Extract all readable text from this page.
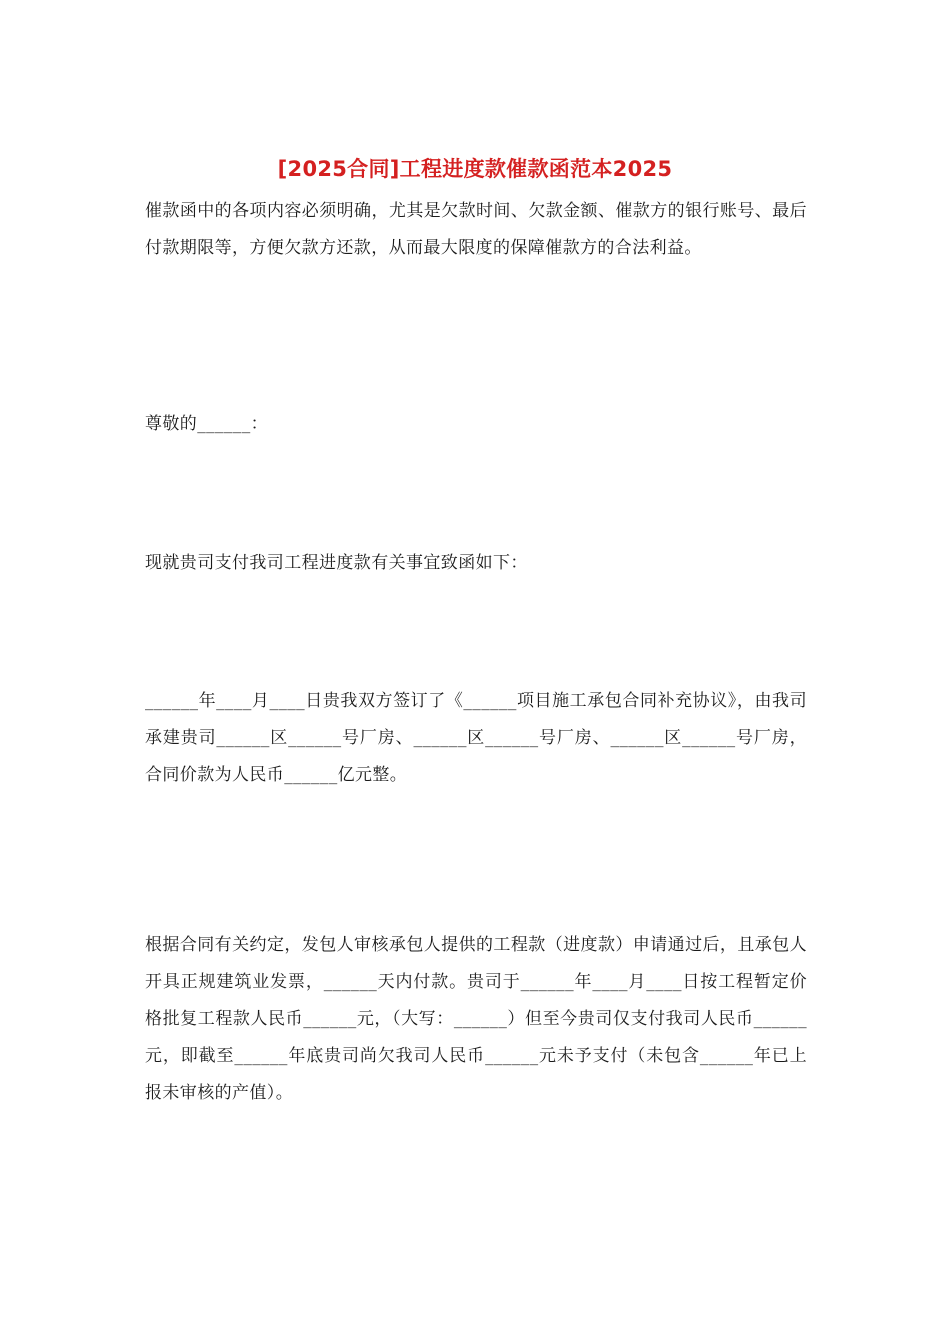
[2025合同]工程进度款催款函范本2025

催款函中的各项内容必须明确，尤其是欠款时间、欠款金额、催款方的银行账号、最后付款期限等，方便欠款方还款，从而最大限度的保障催款方的合法利益。

尊敬的______：

现就贵司支付我司工程进度款有关事宜致函如下：

______年____月____日贵我双方签订了《______项目施工承包合同补充协议》，由我司承建贵司______区______号厂房、______区______号厂房、______区______号厂房，合同价款为人民币______亿元整。

根据合同有关约定，发包人审核承包人提供的工程款（进度款）申请通过后，且承包人开具正规建筑业发票，______天内付款。贵司于______年____月____日按工程暂定价格批复工程款人民币______元，（大写：______）但至今贵司仅支付我司人民币______元，即截至______年底贵司尚欠我司人民币______元未予支付（未包含______年已上报未审核的产值）。
